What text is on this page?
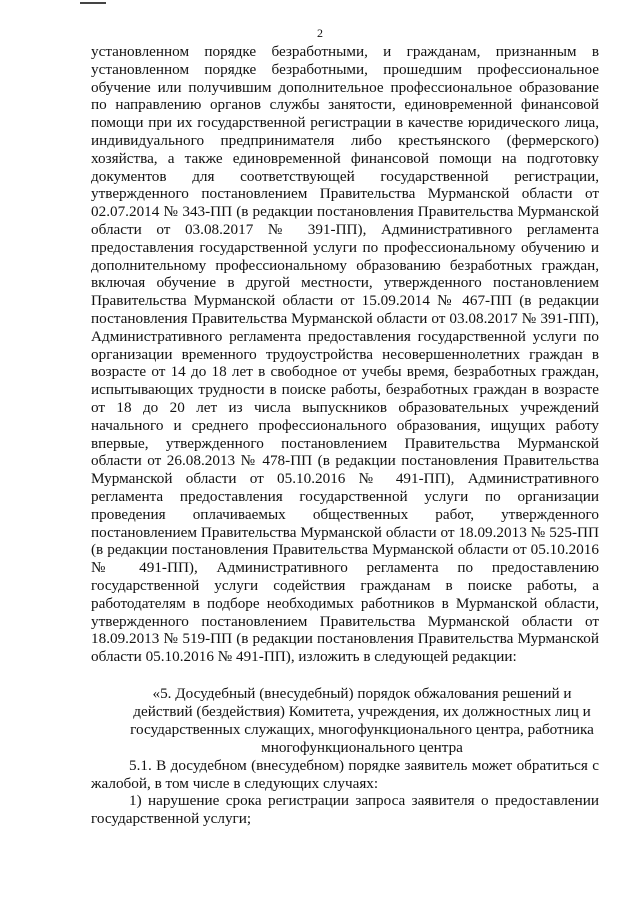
2

установленном порядке безработными, и гражданам, признанным в установленном порядке безработными, прошедшим профессиональное обучение или получившим дополнительное профессиональное образование по направлению органов службы занятости, единовременной финансовой помощи при их государственной регистрации в качестве юридического лица, индивидуального предпринимателя либо крестьянского (фермерского) хозяйства, а также единовременной финансовой помощи на подготовку документов для соответствующей государственной регистрации, утвержденного постановлением Правительства Мурманской области от 02.07.2014 № 343-ПП (в редакции постановления Правительства Мурманской области от 03.08.2017 № 391-ПП), Административного регламента предоставления государственной услуги по профессиональному обучению и дополнительному профессиональному образованию безработных граждан, включая обучение в другой местности, утвержденного постановлением Правительства Мурманской области от 15.09.2014 № 467-ПП (в редакции постановления Правительства Мурманской области от 03.08.2017 № 391-ПП), Административного регламента предоставления государственной услуги по организации временного трудоустройства несовершеннолетних граждан в возрасте от 14 до 18 лет в свободное от учебы время, безработных граждан, испытывающих трудности в поиске работы, безработных граждан в возрасте от 18 до 20 лет из числа выпускников образовательных учреждений начального и среднего профессионального образования, ищущих работу впервые, утвержденного постановлением Правительства Мурманской области от 26.08.2013 № 478-ПП (в редакции постановления Правительства Мурманской области от 05.10.2016 № 491-ПП), Административного регламента предоставления государственной услуги по организации проведения оплачиваемых общественных работ, утвержденного постановлением Правительства Мурманской области от 18.09.2013 № 525-ПП (в редакции постановления Правительства Мурманской области от 05.10.2016 № 491-ПП), Административного регламента по предоставлению государственной услуги содействия гражданам в поиске работы, а работодателям в подборе необходимых работников в Мурманской области, утвержденного постановлением Правительства Мурманской области от 18.09.2013 № 519-ПП (в редакции постановления Правительства Мурманской области 05.10.2016 № 491-ПП), изложить в следующей редакции:

«5. Досудебный (внесудебный) порядок обжалования решений и действий (бездействия) Комитета, учреждения, их должностных лиц и государственных служащих, многофункционального центра, работника многофункционального центра

5.1. В досудебном (внесудебном) порядке заявитель может обратиться с жалобой, в том числе в следующих случаях:

1) нарушение срока регистрации запроса заявителя о предоставлении государственной услуги;
